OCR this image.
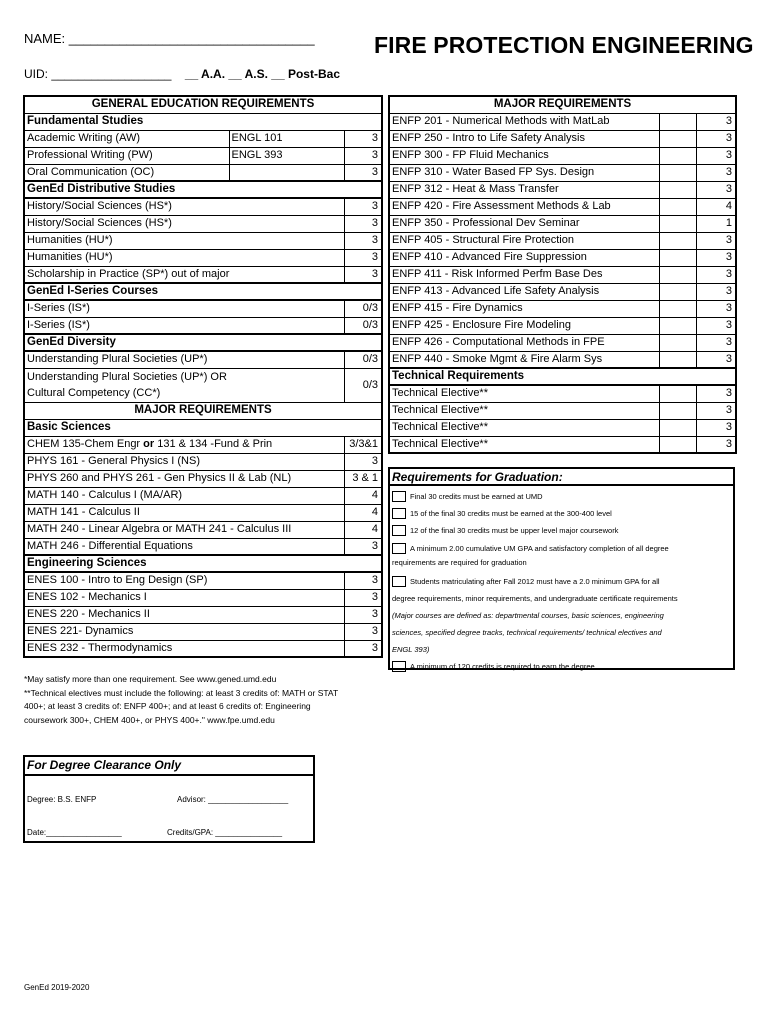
NAME: __________________________________
UID: __________________ __ A.A. __ A.S. __ Post-Bac
FIRE PROTECTION ENGINEERING
GENERAL EDUCATION REQUIREMENTS		
Fundamental Studies		
Academic Writing (AW)	ENGL 101	3
Professional Writing (PW)	ENGL 393	3
Oral Communication (OC)		3
GenEd Distributive Studies		
History/Social Sciences (HS*)		3
History/Social Sciences (HS*)		3
Humanities (HU*)		3
Humanities (HU*)		3
Scholarship in Practice (SP*) out of major		3
GenEd I-Series Courses		
I-Series (IS*)		0/3
I-Series (IS*)		0/3
GenEd Diversity		
Understanding Plural Societies (UP*)		0/3

Understanding Plural Societies (UP*) OR
Cultural Competency (CC*)		0/3
MAJOR REQUIREMENTS		
Basic Sciences		
CHEM 135-Chem Engr or 131 & 134 -Fund & Prin		3/3&1
PHYS 161 - General Physics I (NS)		3
PHYS 260 and PHYS 261 - Gen Physics II & Lab (NL)		3 & 1
MATH 140 - Calculus I (MA/AR)		4
MATH 141 - Calculus II		4
MATH 240 - Linear Algebra or MATH 241 - Calculus III		4
MATH 246 - Differential Equations		3
Engineering Sciences		
ENES 100 - Intro to Eng Design (SP)		3
ENES 102 - Mechanics I		3
ENES 220 - Mechanics II		3
ENES 221- Dynamics		3
ENES 232 - Thermodynamics		3
MAJOR REQUIREMENTS		
ENFP 201 - Numerical Methods with MatLab		3
ENFP 250 - Intro to Life Safety Analysis		3
ENFP 300 - FP Fluid Mechanics		3
ENFP 310 - Water Based FP Sys. Design		3
ENFP 312 - Heat & Mass Transfer		3
ENFP 420 - Fire Assessment Methods & Lab		4
ENFP 350 - Professional Dev Seminar		1
ENFP 405 - Structural Fire Protection		3
ENFP 410 - Advanced Fire Suppression		3
ENFP 411 - Risk Informed Perfm Base Des		3
ENFP 413 - Advanced Life Safety Analysis		3
ENFP 415 - Fire Dynamics		3
ENFP 425 - Enclosure Fire Modeling		3
ENFP 426 - Computational Methods in FPE		3
ENFP 440 - Smoke Mgmt & Fire Alarm Sys		3
Technical Requirements		
Technical Elective**		3
Technical Elective**		3
Technical Elective**		3
Technical Elective**		3
Requirements for Graduation:
Final 30 credits must be earned at UMD
15 of the final 30 credits must be earned at the 300-400 level
12 of the final 30 credits must be upper level major coursework
A minimum 2.00 cumulative UM GPA and satisfactory completion of all degree
requirements are required for graduation
Students matriculating after Fall 2012 must have a 2.0 minimum GPA for all
degree requirements, minor requirements, and undergraduate certificate requirements
(Major courses are defined as: departmental courses, basic sciences, engineering
sciences, specified degree tracks, technical requirements/ technical electives and
ENGL 393)
A minimum of 120 credits is required to earn the degree
*May satisfy more than one requirement. See www.gened.umd.edu
**Technical electives must include the following: at least 3 credits of: MATH or STAT
400+; at least 3 credits of: ENFP 400+; and at least 6 credits of: Engineering
coursework 300+, CHEM 400+, or PHYS 400+." www.fpe.umd.edu
For Degree Clearance Only
Degree: B.S. ENFP	Advisor: __________________
Date:_________________	Credits/GPA: _______________
GenEd 2019-2020
